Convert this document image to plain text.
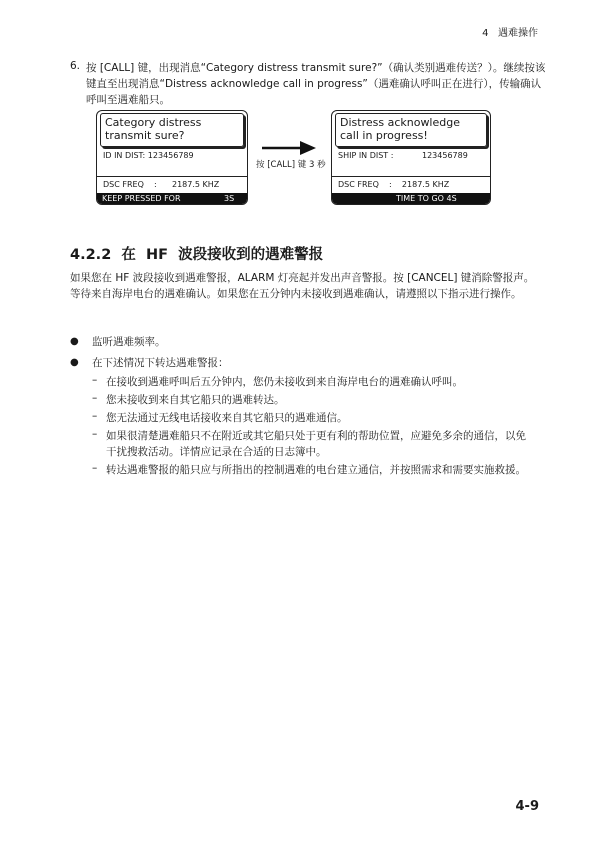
4 遇难操作
6. 按 [CALL] 键，出现消息“Category distress transmit sure?”（确认类别遇难传送？）。继续按该键直至出现消息“Distress acknowledge call in progress”（遇难确认呼叫正在进行），传输确认呼叫至遇难船只。
Category distress
transmit sure?
ID IN DIST: 123456789
DSC FREQ    :      2187.5 KHZ
KEEP PRESSED FOR	3S
按 [CALL] 键 3 秒
Distress acknowledge
call in progress!
SHIP IN DIST :	123456789
DSC FREQ    :    2187.5 KHZ
TIME TO GO 4S
4.2.2  在  HF  波段接收到的遇难警报
如果您在 HF 波段接收到遇难警报，ALARM 灯亮起并发出声音警报。按 [CANCEL] 键消除警报声。等待来自海岸电台的遇难确认。如果您在五分钟内未接收到遇难确认，请遵照以下指示进行操作。
● 监听遇难频率。
● 在下述情况下转达遇难警报：
– 在接收到遇难呼叫后五分钟内，您仍未接收到来自海岸电台的遇难确认呼叫。
– 您未接收到来自其它船只的遇难转达。
– 您无法通过无线电话接收来自其它船只的遇难通信。
– 如果很清楚遇难船只不在附近或其它船只处于更有利的帮助位置，应避免多余的通信，以免干扰搜救活动。详情应记录在合适的日志簿中。
– 转达遇难警报的船只应与所指出的控制遇难的电台建立通信，并按照需求和需要实施救援。
4-9
